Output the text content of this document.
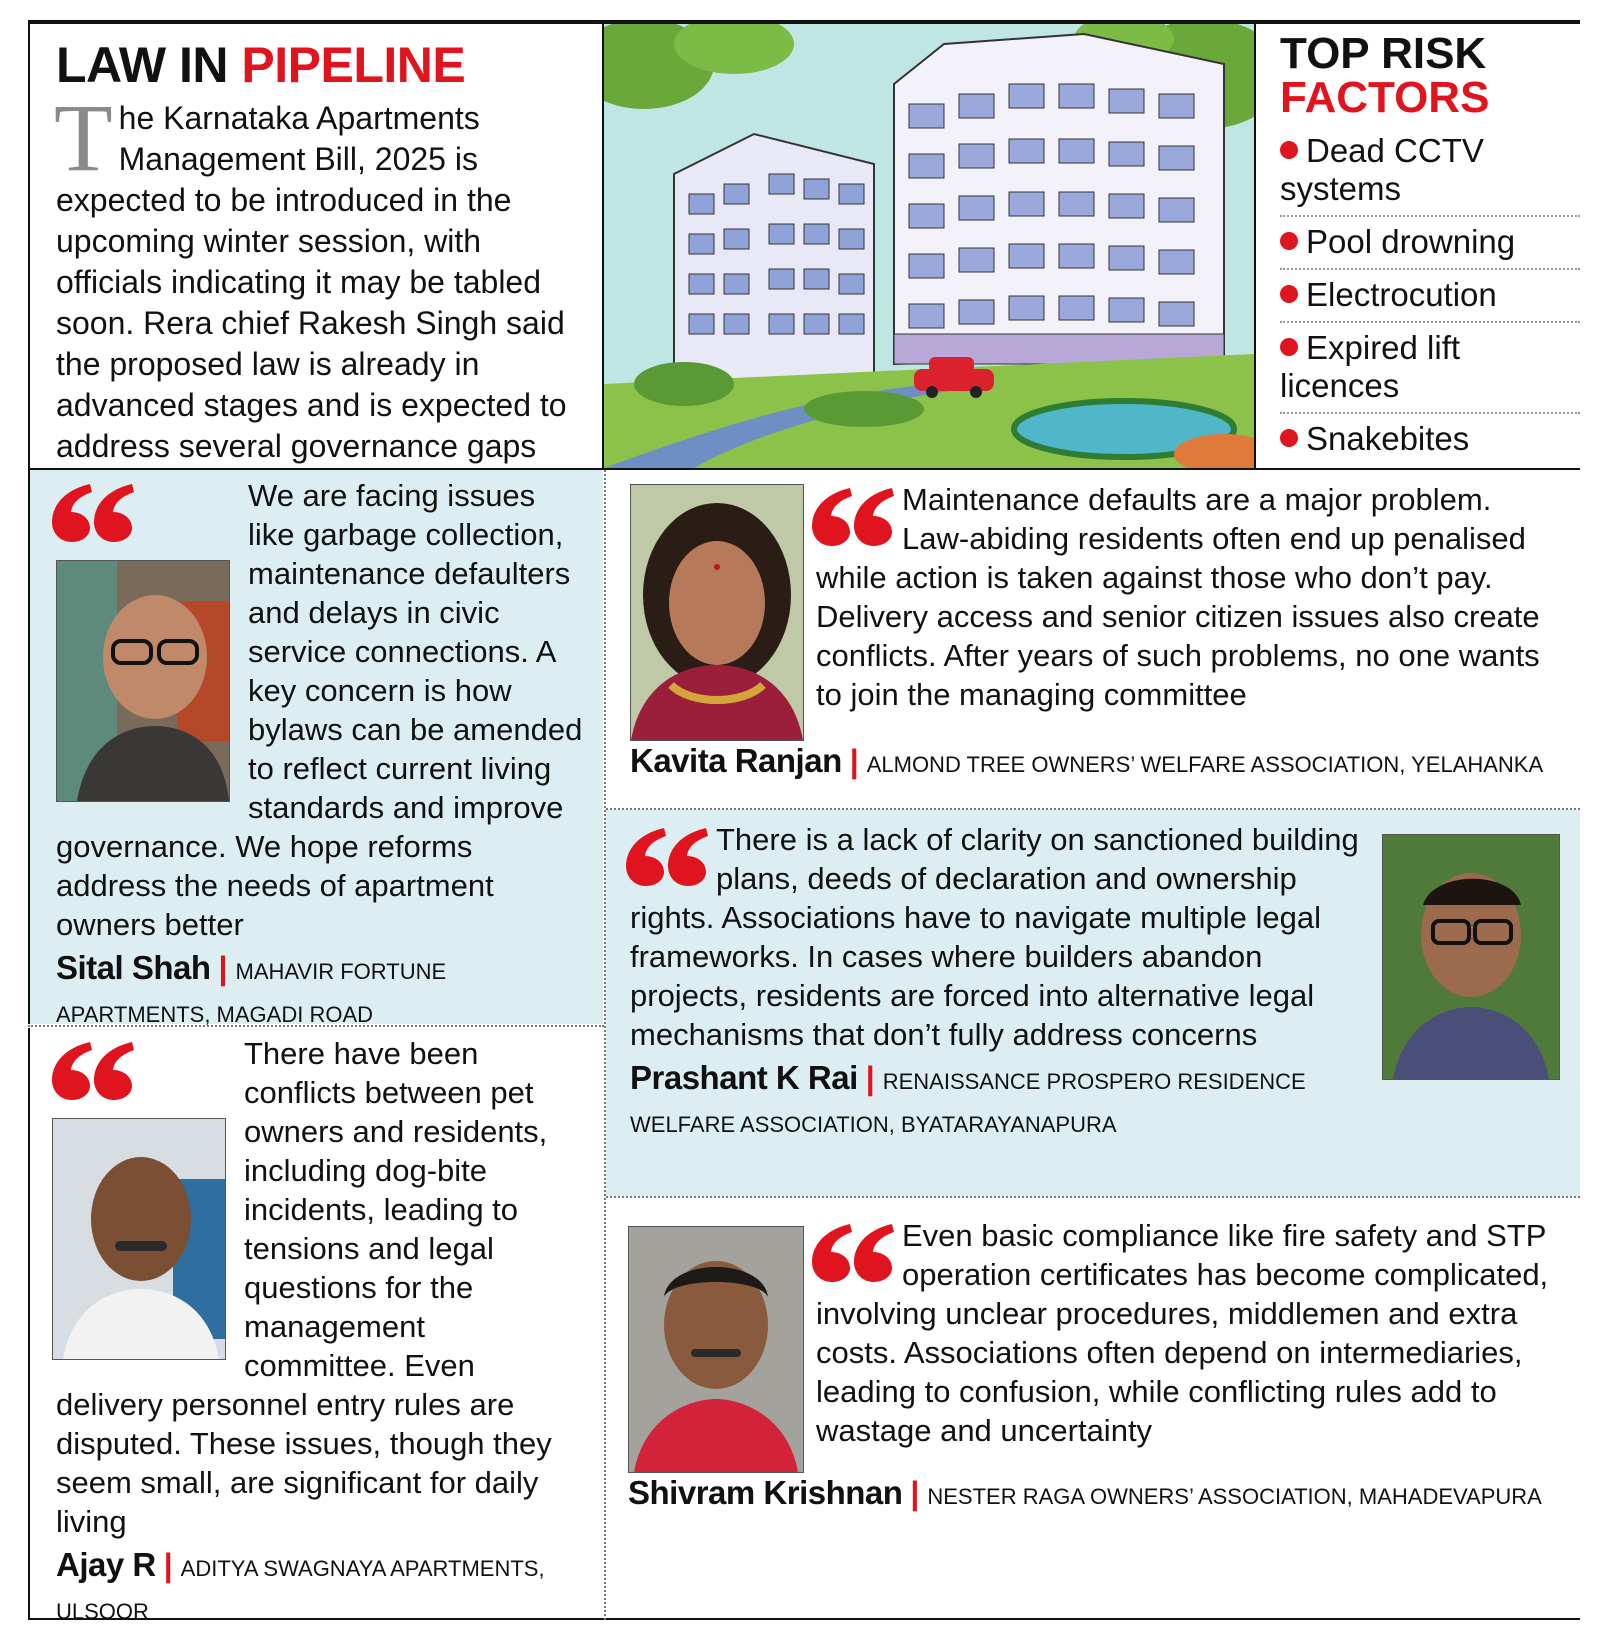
LAW IN PIPELINE

The Karnataka Apartments Management Bill, 2025 is expected to be introduced in the upcoming winter session, with officials indicating it may be tabled soon. Rera chief Rakesh Singh said the proposed law is already in advanced stages and is expected to address several governance gaps

TOP RISK
FACTORS
Dead CCTV systems
Pool drowning
Electrocution
Expired lift licences
Snakebites

We are facing issues like garbage collection, maintenance defaulters and delays in civic service connections. A key concern is how bylaws can be amended to reflect current living standards and improve governance. We hope reforms address the needs of apartment owners better

Sital Shah | MAHAVIR FORTUNE APARTMENTS, MAGADI ROAD

There have been conflicts between pet owners and residents, including dog-bite incidents, leading to tensions and legal questions for the management committee. Even delivery personnel entry rules are disputed. These issues, though they seem small, are significant for daily living

Ajay R | ADITYA SWAGNAYA APARTMENTS, ULSOOR

Maintenance defaults are a major problem. Law-abiding residents often end up penalised while action is taken against those who don’t pay. Delivery access and senior citizen issues also create conflicts. After years of such problems, no one wants to join the managing committee

Kavita Ranjan | ALMOND TREE OWNERS’ WELFARE ASSOCIATION, YELAHANKA

There is a lack of clarity on sanctioned building plans, deeds of declaration and ownership rights. Associations have to navigate multiple legal frameworks. In cases where builders abandon projects, residents are forced into alternative legal mechanisms that don’t fully address concerns

Prashant K Rai | RENAISSANCE PROSPERO RESIDENCE WELFARE ASSOCIATION, BYATARAYANAPURA

Even basic compliance like fire safety and STP operation certificates has become complicated, involving unclear procedures, middlemen and extra costs. Associations often depend on intermediaries, leading to confusion, while conflicting rules add to wastage and uncertainty

Shivram Krishnan | NESTER RAGA OWNERS’ ASSOCIATION, MAHADEVAPURA
